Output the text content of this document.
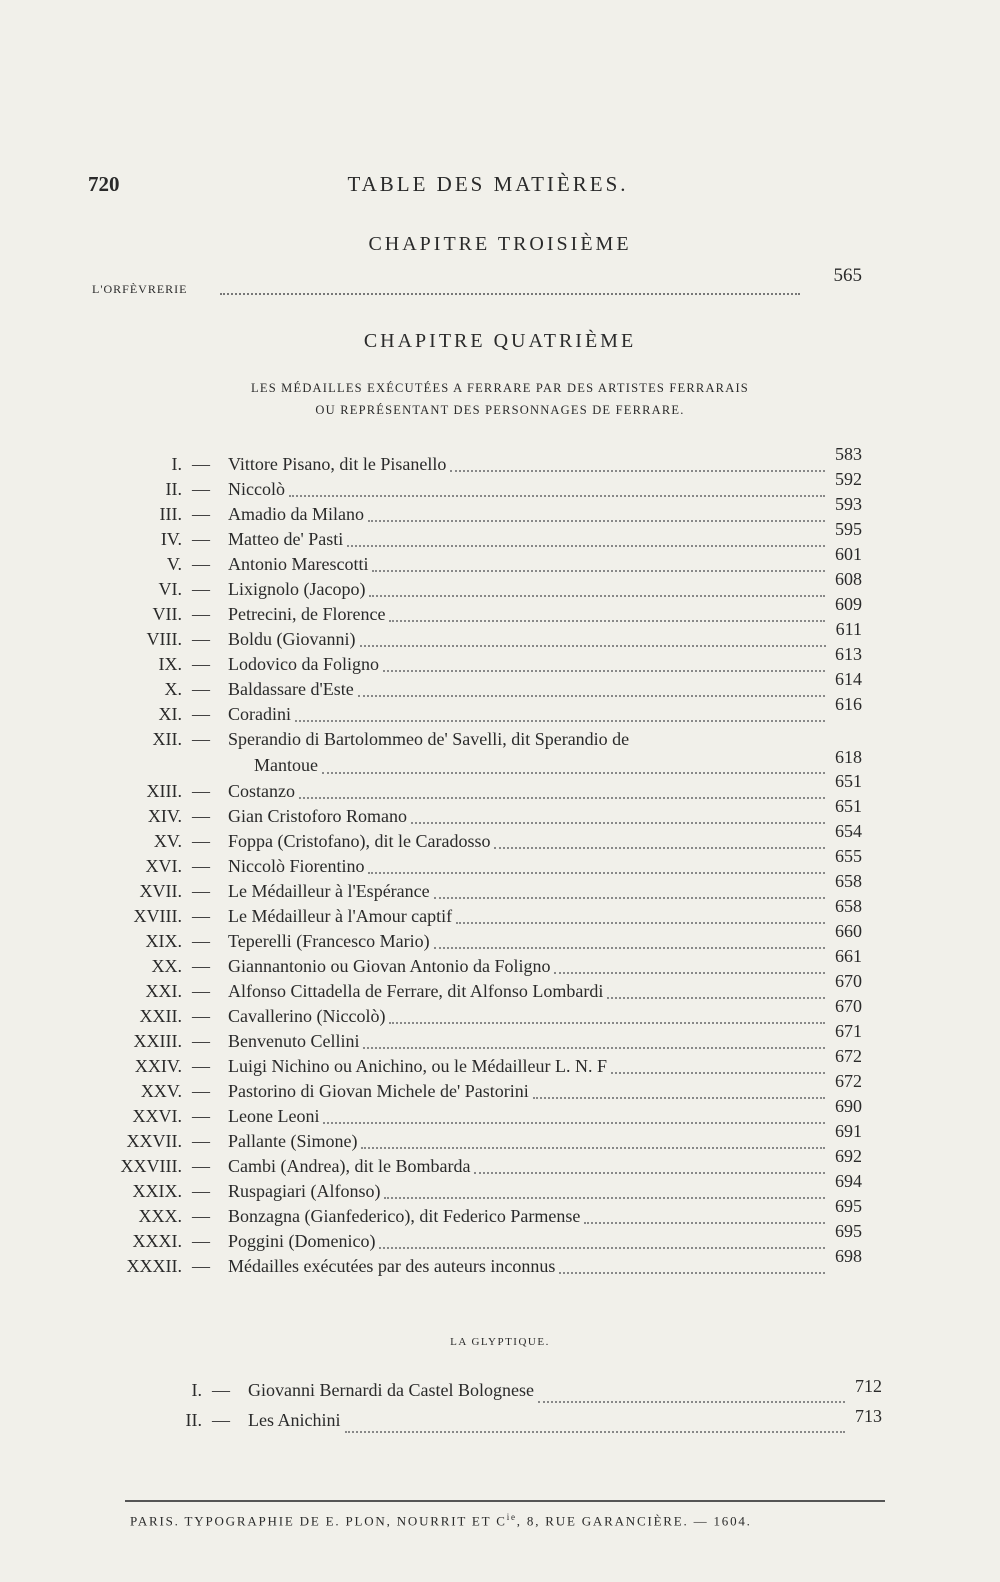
720	TABLE DES MATIÈRES.
CHAPITRE TROISIÈME
L'ORFÈVRERIE
565
CHAPITRE QUATRIÈME
LES MÉDAILLES EXÉCUTÉES A FERRARE PAR DES ARTISTES FERRARAIS
OU REPRÉSENTANT DES PERSONNAGES DE FERRARE.
I. — Vittore Pisano, dit le Pisanello	583
II. — Niccolò	592
III. — Amadio da Milano	593
IV. — Matteo de' Pasti	595
V. — Antonio Marescotti	601
VI. — Lixignolo (Jacopo)	608
VII. — Petrecini, de Florence	609
VIII. — Boldu (Giovanni)	611
IX. — Lodovico da Foligno	613
X. — Baldassare d'Este	614
XI. — Coradini	616
XII. — Sperandio di Bartolommeo de' Savelli, dit Sperandio de
Mantoue	618
XIII. — Costanzo	651
XIV. — Gian Cristoforo Romano	651
XV. — Foppa (Cristofano), dit le Caradosso	654
XVI. — Niccolò Fiorentino	655
XVII. — Le Médailleur à l'Espérance	658
XVIII. — Le Médailleur à l'Amour captif	658
XIX. — Teperelli (Francesco Mario)	660
XX. — Giannantonio ou Giovan Antonio da Foligno	661
XXI. — Alfonso Cittadella de Ferrare, dit Alfonso Lombardi	670
XXII. — Cavallerino (Niccolò)	670
XXIII. — Benvenuto Cellini	671
XXIV. — Luigi Nichino ou Anichino, ou le Médailleur L. N. F	672
XXV. — Pastorino di Giovan Michele de' Pastorini	672
XXVI. — Leone Leoni	690
XXVII. — Pallante (Simone)	691
XXVIII. — Cambi (Andrea), dit le Bombarda	692
XXIX. — Ruspagiari (Alfonso)	694
XXX. — Bonzagna (Gianfederico), dit Federico Parmense	695
XXXI. — Poggini (Domenico)	695
XXXII. — Médailles exécutées par des auteurs inconnus	698
LA GLYPTIQUE.
I. — Giovanni Bernardi da Castel Bolognese	712
II. — Les Anichini	713
PARIS. TYPOGRAPHIE DE E. PLON, NOURRIT ET $C^{ie}$, 8, RUE GARANCIÈRE. — 1604.
